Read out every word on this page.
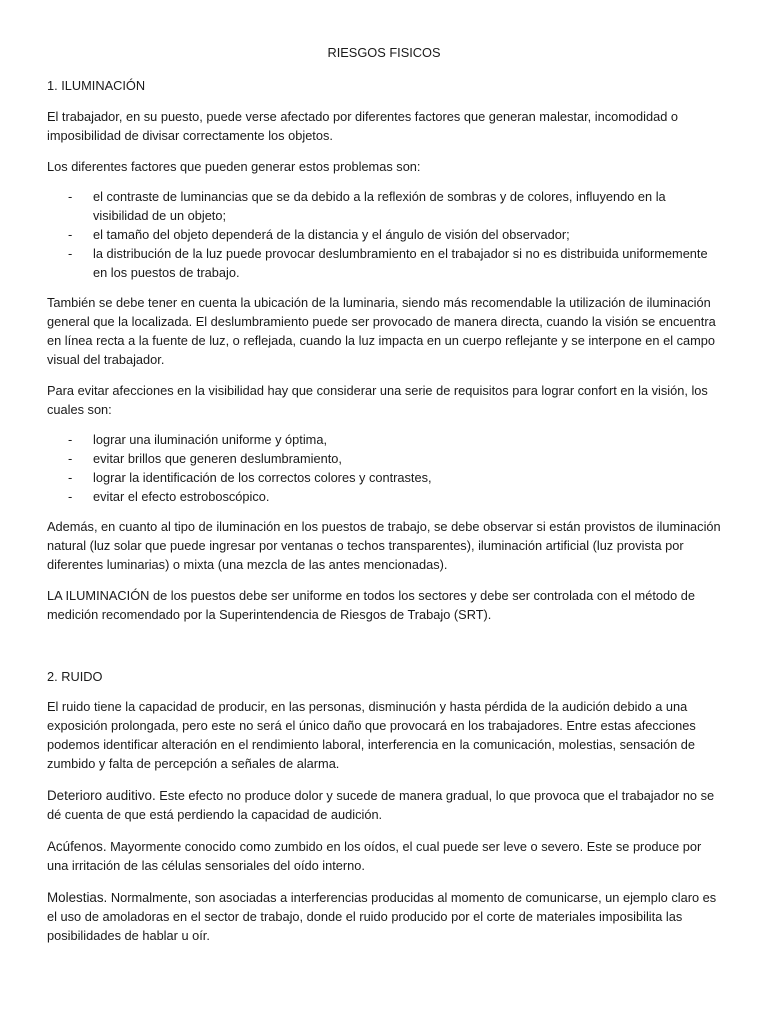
RIESGOS FISICOS

1. ILUMINACIÓN

El trabajador, en su puesto, puede verse afectado por diferentes factores que generan malestar, incomodidad o imposibilidad de divisar correctamente los objetos.

Los diferentes factores que pueden generar estos problemas son:

- el contraste de luminancias que se da debido a la reflexión de sombras y de colores, influyendo en la visibilidad de un objeto;
- el tamaño del objeto dependerá de la distancia y el ángulo de visión del observador;
- la distribución de la luz puede provocar deslumbramiento en el trabajador si no es distribuida uniformemente en los puestos de trabajo.

También se debe tener en cuenta la ubicación de la luminaria, siendo más recomendable la utilización de iluminación general que la localizada. El deslumbramiento puede ser provocado de manera directa, cuando la visión se encuentra en línea recta a la fuente de luz, o reflejada, cuando la luz impacta en un cuerpo reflejante y se interpone en el campo visual del trabajador.

Para evitar afecciones en la visibilidad hay que considerar una serie de requisitos para lograr confort en la visión, los cuales son:

- lograr una iluminación uniforme y óptima,
- evitar brillos que generen deslumbramiento,
- lograr la identificación de los correctos colores y contrastes,
- evitar el efecto estroboscópico.

Además, en cuanto al tipo de iluminación en los puestos de trabajo, se debe observar si están provistos de iluminación natural (luz solar que puede ingresar por ventanas o techos transparentes), iluminación artificial (luz provista por diferentes luminarias) o mixta (una mezcla de las antes mencionadas).

LA ILUMINACIÓN de los puestos debe ser uniforme en todos los sectores y debe ser controlada con el método de medición recomendado por la Superintendencia de Riesgos de Trabajo (SRT).

2. RUIDO

El ruido tiene la capacidad de producir, en las personas, disminución y hasta pérdida de la audición debido a una exposición prolongada, pero este no será el único daño que provocará en los trabajadores. Entre estas afecciones podemos identificar alteración en el rendimiento laboral, interferencia en la comunicación, molestias, sensación de zumbido y falta de percepción a señales de alarma.

Deterioro auditivo. Este efecto no produce dolor y sucede de manera gradual, lo que provoca que el trabajador no se dé cuenta de que está perdiendo la capacidad de audición.

Acúfenos. Mayormente conocido como zumbido en los oídos, el cual puede ser leve o severo. Este se produce por una irritación de las células sensoriales del oído interno.

Molestias. Normalmente, son asociadas a interferencias producidas al momento de comunicarse, un ejemplo claro es el uso de amoladoras en el sector de trabajo, donde el ruido producido por el corte de materiales imposibilita las posibilidades de hablar u oír.
